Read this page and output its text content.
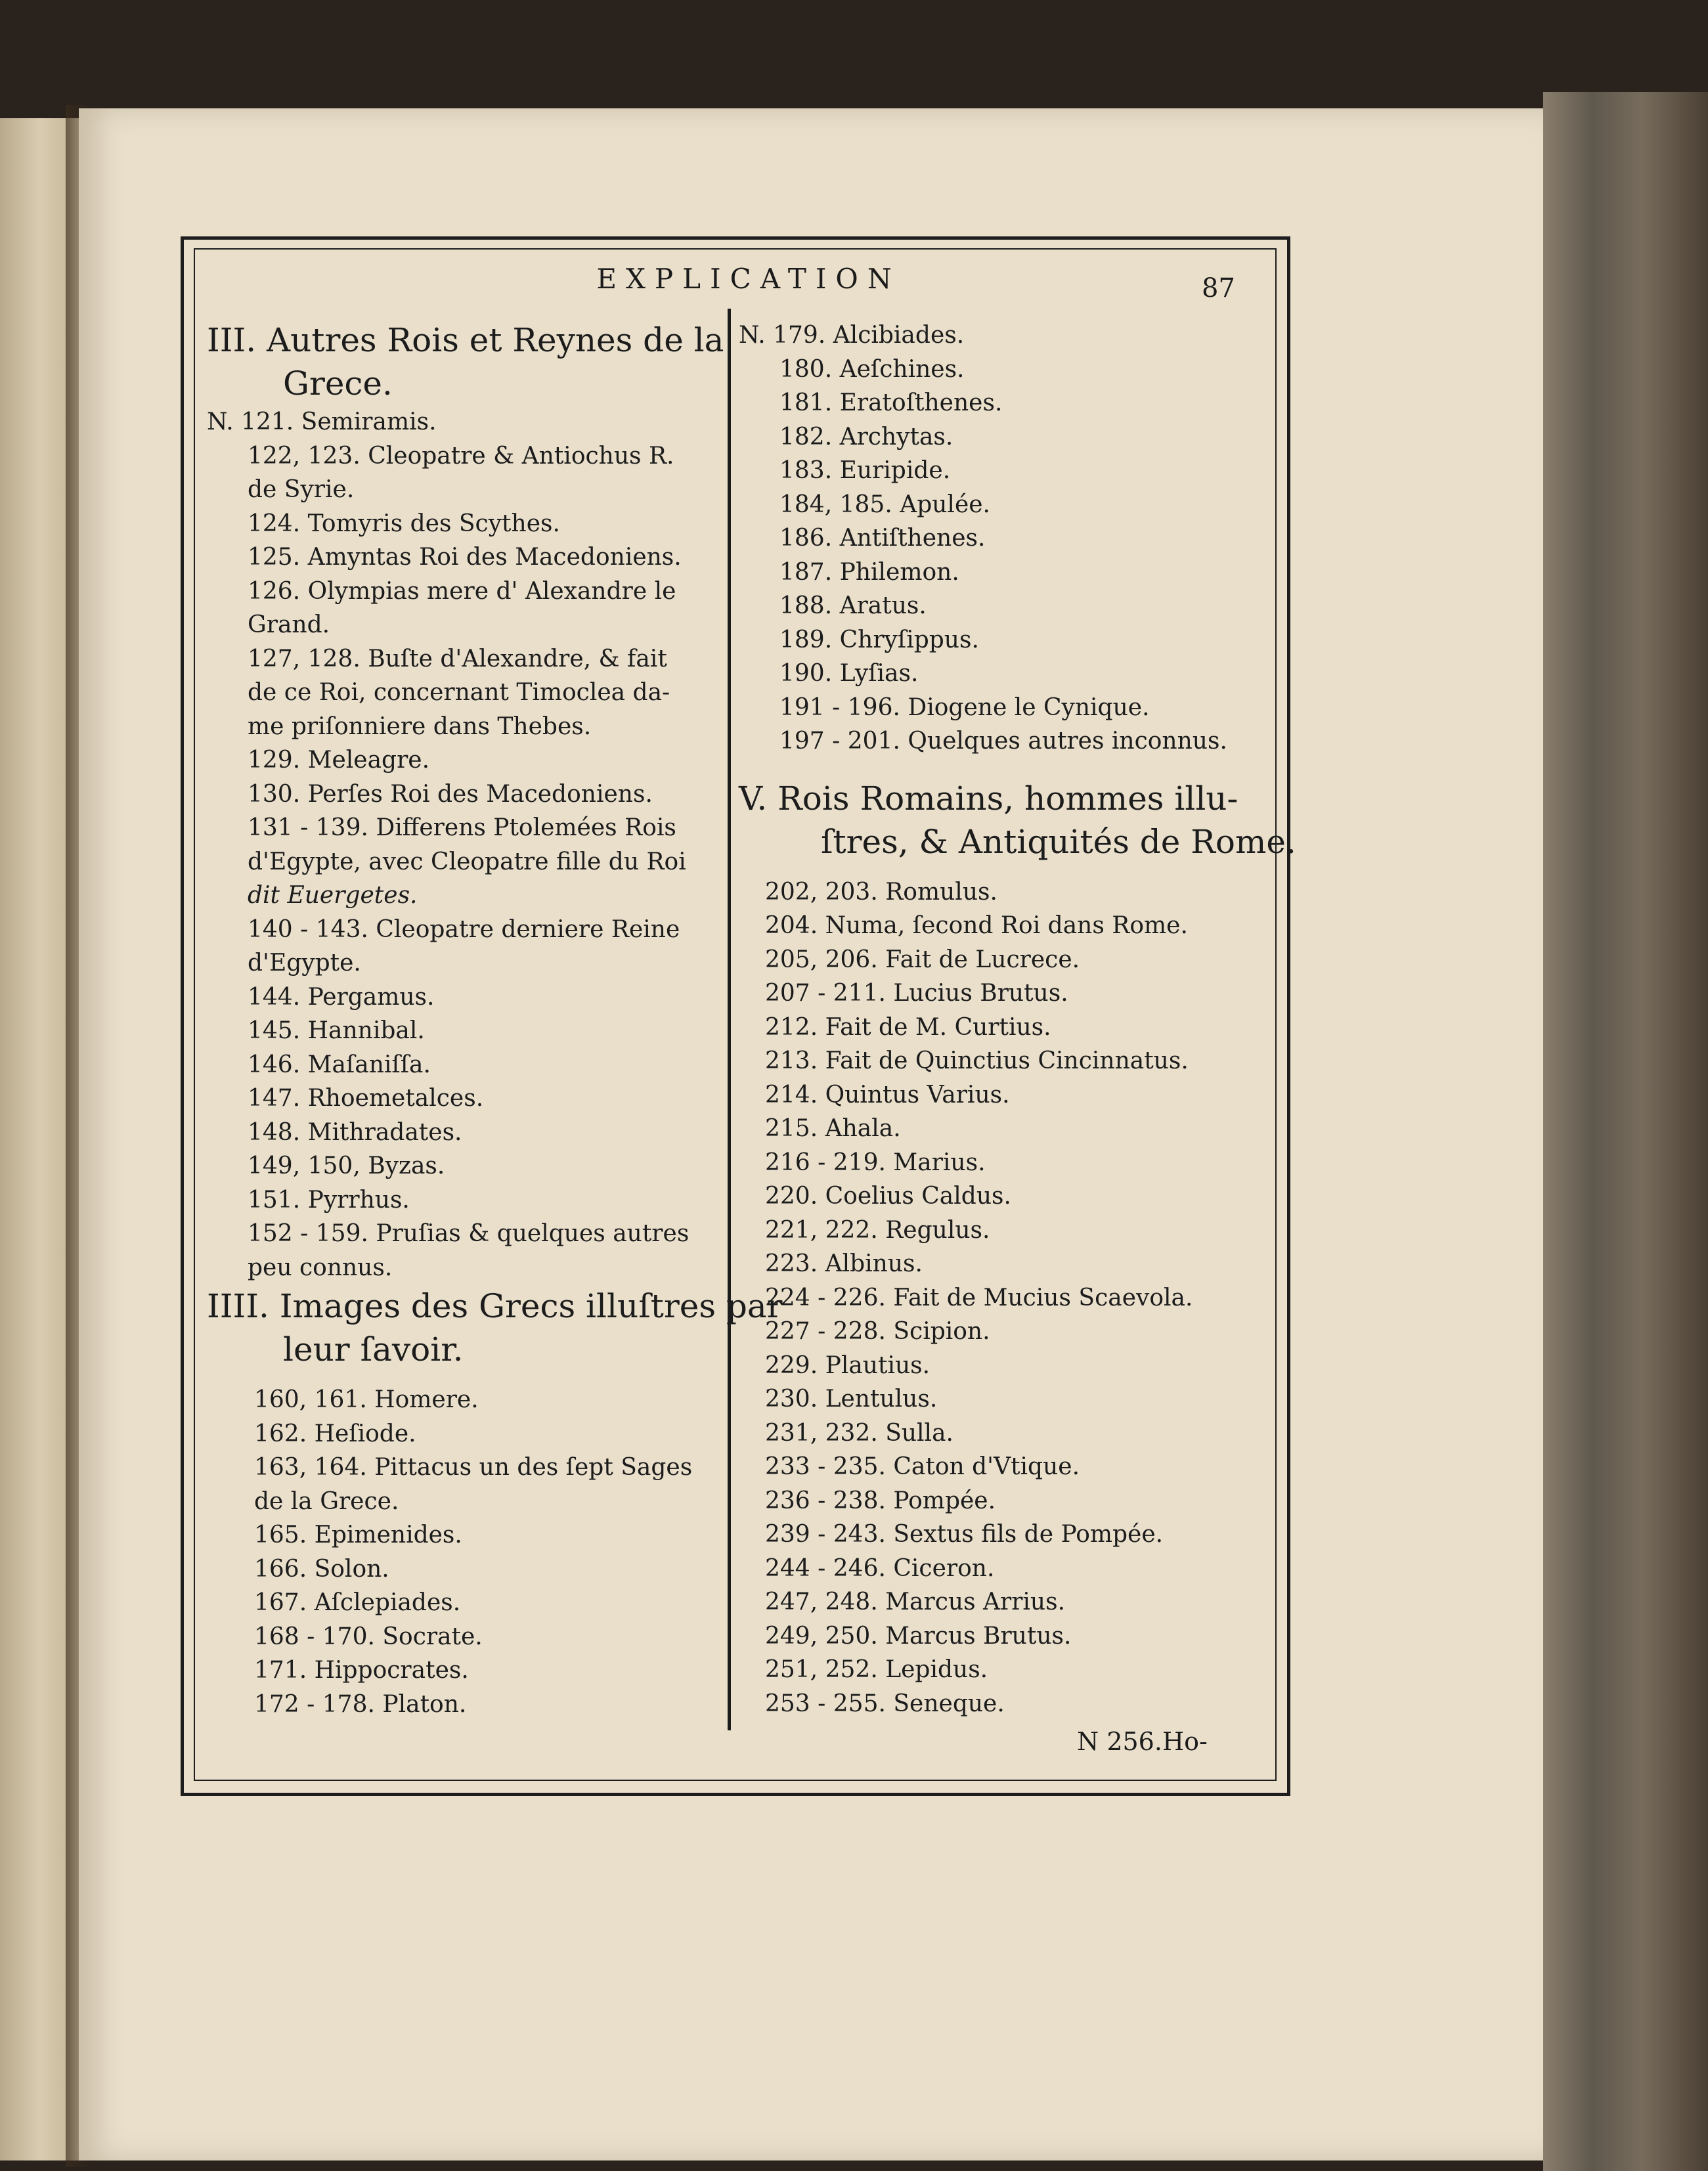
EXPLICATION	87
III. Autres Rois et Reynes de la
Grece.
N. 121. Semiramis.
122, 123. Cleopatre & Antiochus R.
de Syrie.
124. Tomyris des Scythes.
125. Amyntas Roi des Macedoniens.
126. Olympias mere d' Alexandre le
Grand.
127, 128. Buſte d'Alexandre, & fait
de ce Roi, concernant Timoclea da-
me priſonniere dans Thebes.
129. Meleagre.
130. Perſes Roi des Macedoniens.
131 - 139. Differens Ptolemées Rois
d'Egypte, avec Cleopatre fille du Roi
dit Euergetes.
140 - 143. Cleopatre derniere Reine
d'Egypte.
144. Pergamus.
145. Hannibal.
146. Maſaniſſa.
147. Rhoemetalces.
148. Mithradates.
149, 150, Byzas.
151. Pyrrhus.
152 - 159. Pruſias & quelques autres
peu connus.
IIII. Images des Grecs illuſtres par
leur ſavoir.
160, 161. Homere.
162. Heſiode.
163, 164. Pittacus un des ſept Sages
de la Grece.
165. Epimenides.
166. Solon.
167. Aſclepiades.
168 - 170. Socrate.
171. Hippocrates.
172 - 178. Platon.
N. 179. Alcibiades.
180. Aeſchines.
181. Eratoſthenes.
182. Archytas.
183. Euripide.
184, 185. Apulée.
186. Antiſthenes.
187. Philemon.
188. Aratus.
189. Chryſippus.
190. Lyſias.
191 - 196. Diogene le Cynique.
197 - 201. Quelques autres inconnus.
V. Rois Romains, hommes illu-
ſtres, & Antiquités de Rome.
202, 203. Romulus.
204. Numa, ſecond Roi dans Rome.
205, 206. Fait de Lucrece.
207 - 211. Lucius Brutus.
212. Fait de M. Curtius.
213. Fait de Quinctius Cincinnatus.
214. Quintus Varius.
215. Ahala.
216 - 219. Marius.
220. Coelius Caldus.
221, 222. Regulus.
223. Albinus.
224 - 226. Fait de Mucius Scaevola.
227 - 228. Scipion.
229. Plautius.
230. Lentulus.
231, 232. Sulla.
233 - 235. Caton d'Vtique.
236 - 238. Pompée.
239 - 243. Sextus fils de Pompée.
244 - 246. Ciceron.
247, 248. Marcus Arrius.
249, 250. Marcus Brutus.
251, 252. Lepidus.
253 - 255. Seneque.
N 256.Ho-
